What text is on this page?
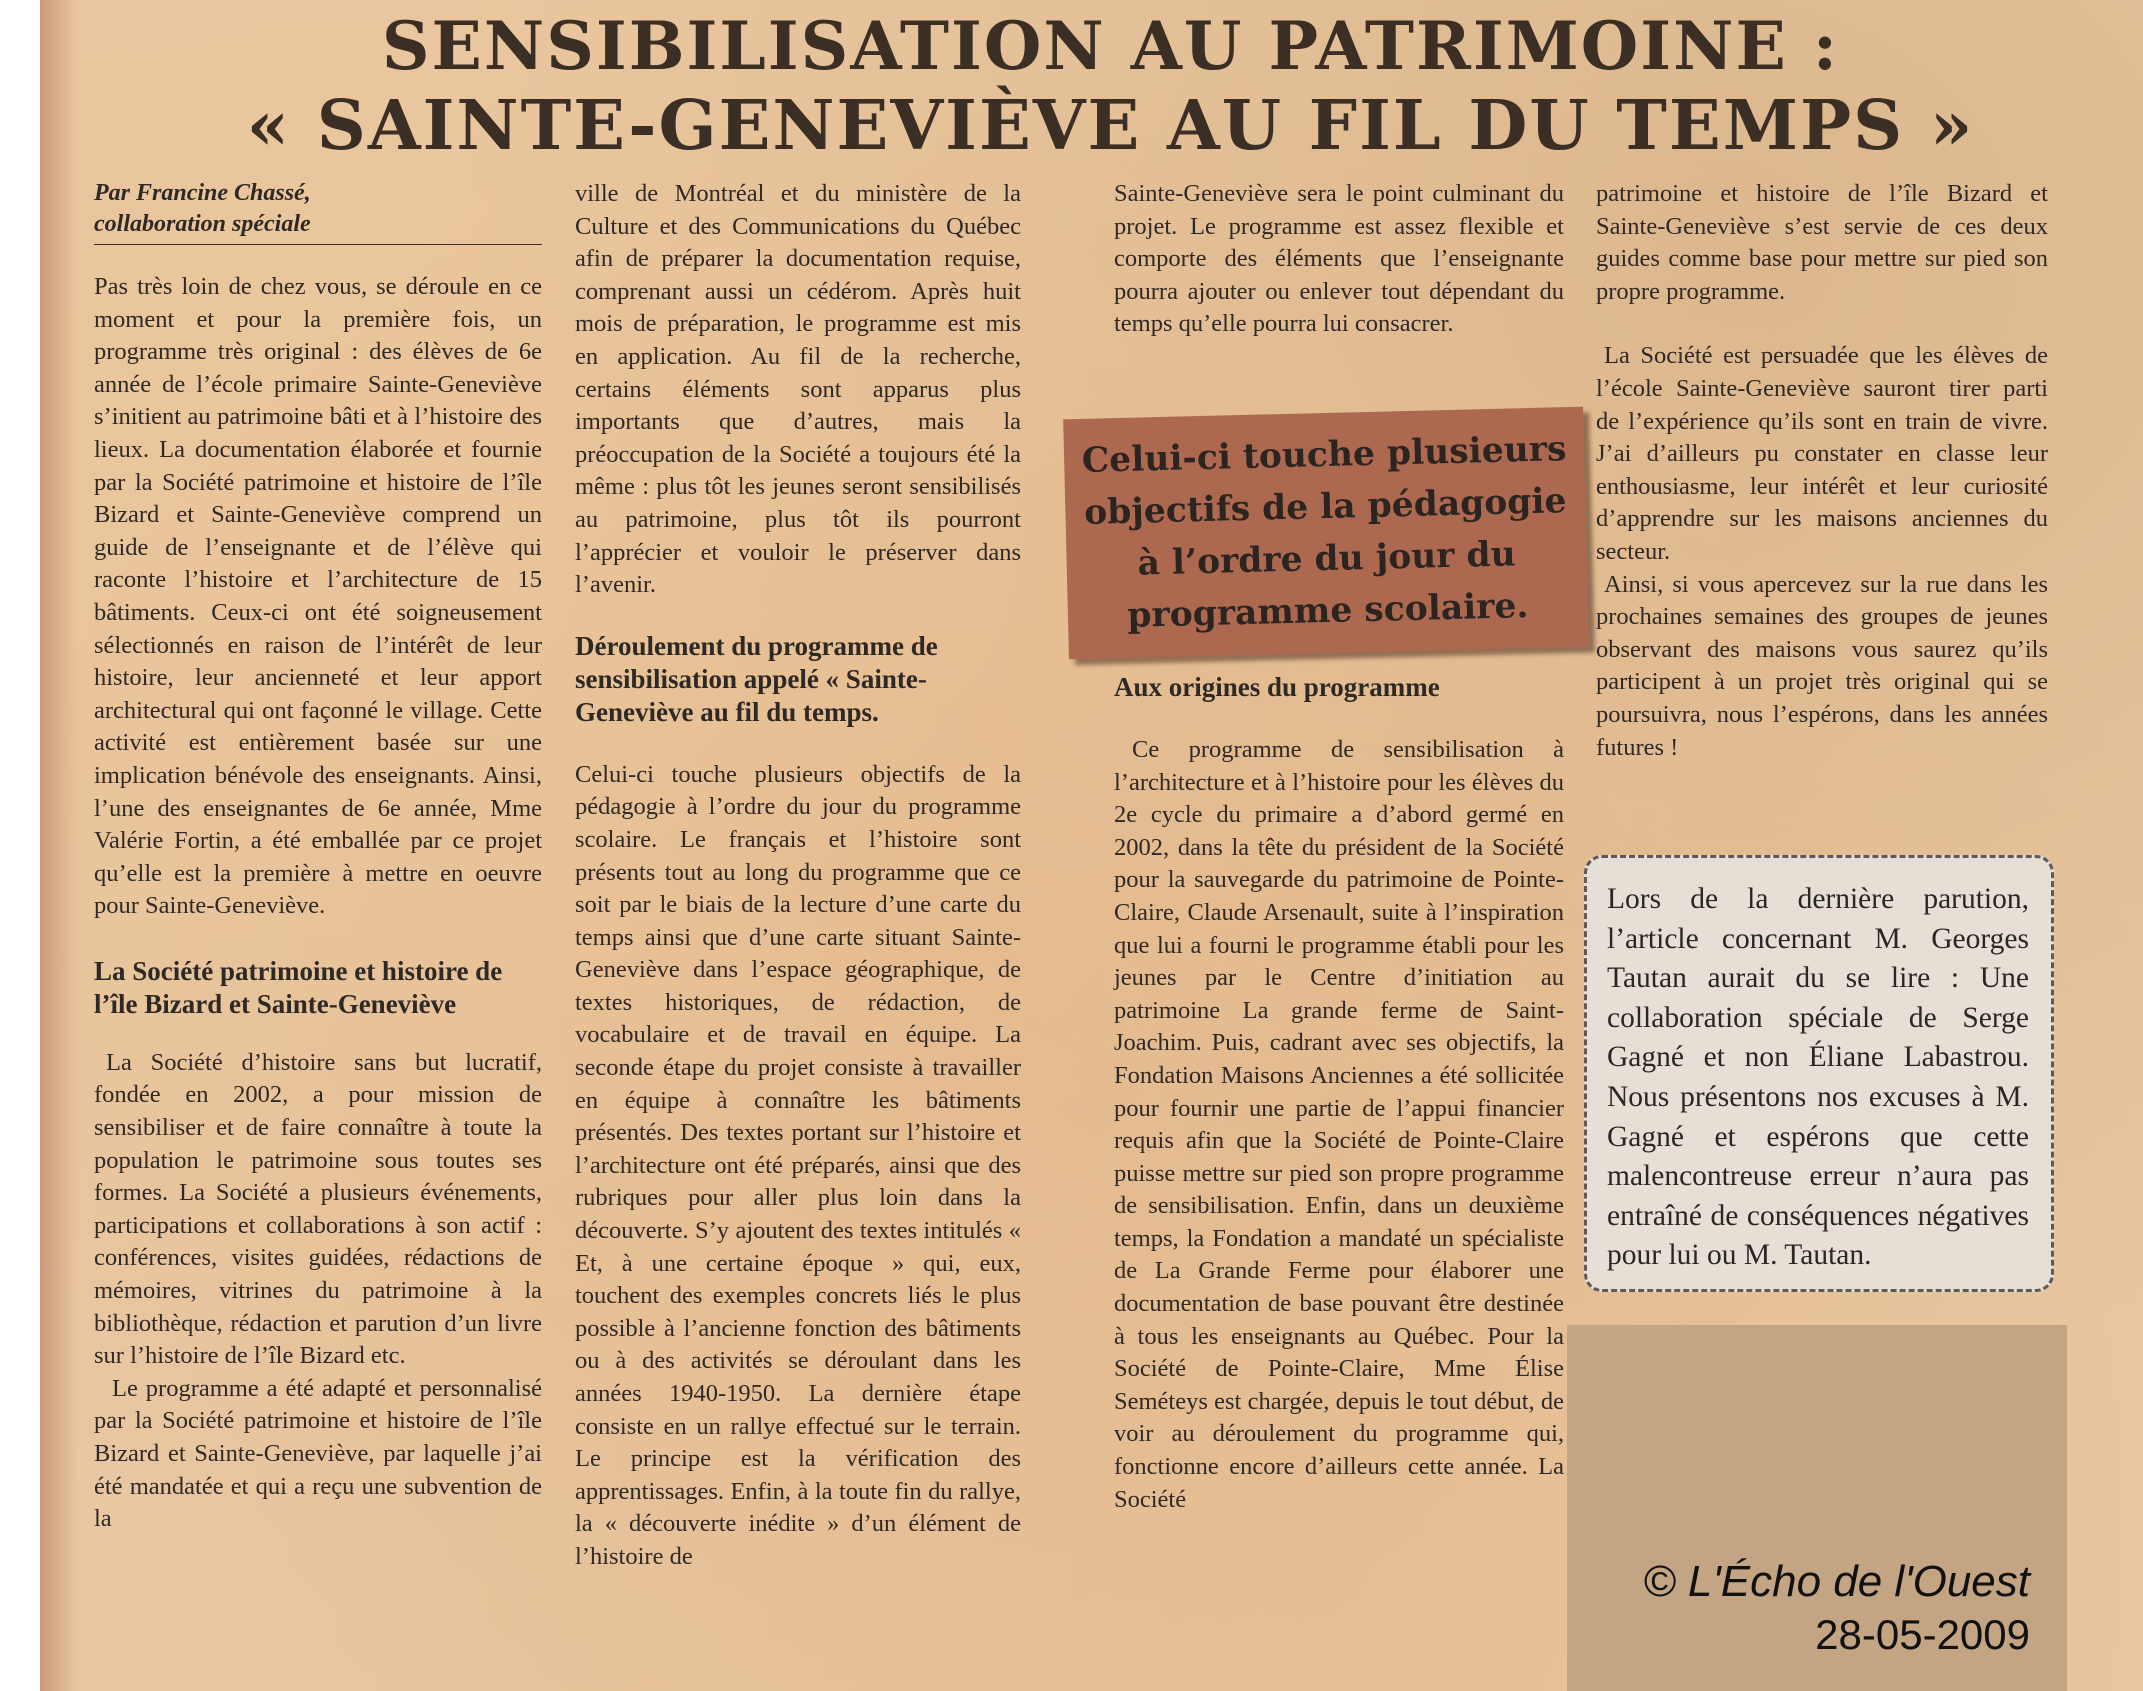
SENSIBILISATION AU PATRIMOINE :
« SAINTE-GENEVIÈVE AU FIL DU TEMPS »
Par Francine Chassé,
collaboration spéciale

Pas très loin de chez vous, se déroule en ce moment et pour la première fois, un programme très original : des élèves de 6e année de l’école primaire Sainte-Geneviève s’initient au patrimoine bâti et à l’histoire des lieux. La documentation élaborée et fournie par la Société patrimoine et histoire de l’île Bizard et Sainte-Geneviève comprend un guide de l’enseignante et de l’élève qui raconte l’histoire et l’architecture de 15 bâtiments. Ceux-ci ont été soigneusement sélectionnés en raison de l’intérêt de leur histoire, leur ancienneté et leur apport architectural qui ont façonné le village. Cette activité est entièrement basée sur une implication bénévole des enseignants. Ainsi, l’une des enseignantes de 6e année, Mme Valérie Fortin, a été emballée par ce projet qu’elle est la première à mettre en oeuvre pour Sainte-Geneviève.

La Société patrimoine et histoire de l’île Bizard et Sainte-Geneviève

La Société d’histoire sans but lucratif, fondée en 2002, a pour mission de sensibiliser et de faire connaître à toute la population le patrimoine sous toutes ses formes. La Société a plusieurs événements, participations et collaborations à son actif : conférences, visites guidées, rédactions de mémoires, vitrines du patrimoine à la bibliothèque, rédaction et parution d’un livre sur l’histoire de l’île Bizard etc.

Le programme a été adapté et personnalisé par la Société patrimoine et histoire de l’île Bizard et Sainte-Geneviève, par laquelle j’ai été mandatée et qui a reçu une subvention de la

ville de Montréal et du ministère de la Culture et des Communications du Québec afin de préparer la documentation requise, comprenant aussi un cédérom. Après huit mois de préparation, le programme est mis en application. Au fil de la recherche, certains éléments sont apparus plus importants que d’autres, mais la préoccupation de la Société a toujours été la même : plus tôt les jeunes seront sensibilisés au patrimoine, plus tôt ils pourront l’apprécier et vouloir le préserver dans l’avenir.

Déroulement du programme de sensibilisation appelé « Sainte-Geneviève au fil du temps.

Celui-ci touche plusieurs objectifs de la pédagogie à l’ordre du jour du programme scolaire. Le français et l’histoire sont présents tout au long du programme que ce soit par le biais de la lecture d’une carte du temps ainsi que d’une carte situant Sainte-Geneviève dans l’espace géographique, de textes historiques, de rédaction, de vocabulaire et de travail en équipe. La seconde étape du projet consiste à travailler en équipe à connaître les bâtiments présentés. Des textes portant sur l’histoire et l’architecture ont été préparés, ainsi que des rubriques pour aller plus loin dans la découverte. S’y ajoutent des textes intitulés « Et, à une certaine époque » qui, eux, touchent des exemples concrets liés le plus possible à l’ancienne fonction des bâtiments ou à des activités se déroulant dans les années 1940-1950. La dernière étape consiste en un rallye effectué sur le terrain. Le principe est la vérification des apprentissages. Enfin, à la toute fin du rallye, la « découverte inédite » d’un élément de l’histoire de

Sainte-Geneviève sera le point culminant du projet. Le programme est assez flexible et comporte des éléments que l’enseignante pourra ajouter ou enlever tout dépendant du temps qu’elle pourra lui consacrer.

Aux origines du programme

Ce programme de sensibilisation à l’architecture et à l’histoire pour les élèves du 2e cycle du primaire a d’abord germé en 2002, dans la tête du président de la Société pour la sauvegarde du patrimoine de Pointe-Claire, Claude Arsenault, suite à l’inspiration que lui a fourni le programme établi pour les jeunes par le Centre d’initiation au patrimoine La grande ferme de Saint-Joachim. Puis, cadrant avec ses objectifs, la Fondation Maisons Anciennes a été sollicitée pour fournir une partie de l’appui financier requis afin que la Société de Pointe-Claire puisse mettre sur pied son propre programme de sensibilisation. Enfin, dans un deuxième temps, la Fondation a mandaté un spécialiste de La Grande Ferme pour élaborer une documentation de base pouvant être destinée à tous les enseignants au Québec. Pour la Société de Pointe-Claire, Mme Élise Seméteys est chargée, depuis le tout début, de voir au déroulement du programme qui, fonctionne encore d’ailleurs cette année. La Société

patrimoine et histoire de l’île Bizard et Sainte-Geneviève s’est servie de ces deux guides comme base pour mettre sur pied son propre programme.

La Société est persuadée que les élèves de l’école Sainte-Geneviève sauront tirer parti de l’expérience qu’ils sont en train de vivre. J’ai d’ailleurs pu constater en classe leur enthousiasme, leur intérêt et leur curiosité d’apprendre sur les maisons anciennes du secteur.

Ainsi, si vous apercevez sur la rue dans les prochaines semaines des groupes de jeunes observant des maisons vous saurez qu’ils participent à un projet très original qui se poursuivra, nous l’espérons, dans les années futures !

Celui-ci touche plusieurs objectifs de la pédagogie à l’ordre du jour du programme scolaire.
Lors de la dernière parution, l’article concernant M. Georges Tautan aurait du se lire : Une collaboration spéciale de Serge Gagné et non Éliane Labastrou. Nous présentons nos excuses à M. Gagné et espérons que cette malencontreuse erreur n’aura pas entraîné de conséquences négatives pour lui ou M. Tautan.
© L'Écho de l'Ouest
28-05-2009
